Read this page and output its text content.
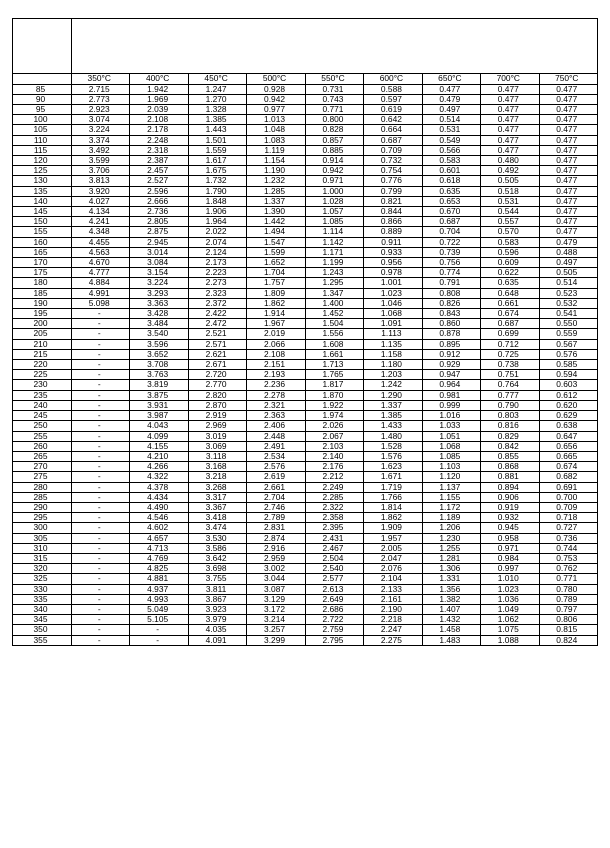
	350°C	400°C	450°C	500°C	550°C	600°C	650°C	700°C	750°C
85	2.715	1.942	1.247	0.928	0.731	0.588	0.477	0.477	0.477
90	2.773	1.969	1.270	0.942	0.743	0.597	0.479	0.477	0.477
95	2.923	2.039	1.328	0.977	0.771	0.619	0.497	0.477	0.477
100	3.074	2.108	1.385	1.013	0.800	0.642	0.514	0.477	0.477
105	3.224	2.178	1.443	1.048	0.828	0.664	0.531	0.477	0.477
110	3.374	2.248	1.501	1.083	0.857	0.687	0.549	0.477	0.477
115	3.492	2.318	1.559	1.119	0.885	0.709	0.566	0.477	0.477
120	3.599	2.387	1.617	1.154	0.914	0.732	0.583	0.480	0.477
125	3.706	2.457	1.675	1.190	0.942	0.754	0.601	0.492	0.477
130	3.813	2.527	1.732	1.232	0.971	0.776	0.618	0.505	0.477
135	3.920	2.596	1.790	1.285	1.000	0.799	0.635	0.518	0.477
140	4.027	2.666	1.848	1.337	1.028	0.821	0.653	0.531	0.477
145	4.134	2.736	1.906	1.390	1.057	0.844	0.670	0.544	0.477
150	4.241	2.805	1.964	1.442	1.085	0.866	0.687	0.557	0.477
155	4.348	2.875	2.022	1.494	1.114	0.889	0.704	0.570	0.477
160	4.455	2.945	2.074	1.547	1.142	0.911	0.722	0.583	0.479
165	4.563	3.014	2.124	1.599	1.171	0.933	0.739	0.596	0.488
170	4.670	3.084	2.173	1.652	1.199	0.956	0.756	0.609	0.497
175	4.777	3.154	2.223	1.704	1.243	0.978	0.774	0.622	0.505
180	4.884	3.224	2.273	1.757	1.295	1.001	0.791	0.635	0.514
185	4.991	3.293	2.323	1.809	1.347	1.023	0.808	0.648	0.523
190	5.098	3.363	2.372	1.862	1.400	1.046	0.826	0.661	0.532
195	-	3.428	2.422	1.914	1.452	1.068	0.843	0.674	0.541
200	-	3.484	2.472	1.967	1.504	1.091	0.860	0.687	0.550
205	-	3.540	2.521	2.019	1.556	1.113	0.878	0.699	0.559
210	-	3.596	2.571	2.066	1.608	1.135	0.895	0.712	0.567
215	-	3.652	2.621	2.108	1.661	1.158	0.912	0.725	0.576
220	-	3.708	2.671	2.151	1.713	1.180	0.929	0.738	0.585
225	-	3.763	2.720	2.193	1.765	1.203	0.947	0.751	0.594
230	-	3.819	2.770	2.236	1.817	1.242	0.964	0.764	0.603
235	-	3.875	2.820	2.278	1.870	1.290	0.981	0.777	0.612
240	-	3.931	2.870	2.321	1.922	1.337	0.999	0.790	0.620
245	-	3.987	2.919	2.363	1.974	1.385	1.016	0.803	0.629
250	-	4.043	2.969	2.406	2.026	1.433	1.033	0.816	0.638
255	-	4.099	3.019	2.448	2.067	1.480	1.051	0.829	0.647
260	-	4.155	3.069	2.491	2.103	1.528	1.068	0.842	0.656
265	-	4.210	3.118	2.534	2.140	1.576	1.085	0.855	0.665
270	-	4.266	3.168	2.576	2.176	1.623	1.103	0.868	0.674
275	-	4.322	3.218	2.619	2.212	1.671	1.120	0.881	0.682
280	-	4.378	3.268	2.661	2.249	1.719	1.137	0.894	0.691
285	-	4.434	3.317	2.704	2.285	1.766	1.155	0.906	0.700
290	-	4.490	3.367	2.746	2.322	1.814	1.172	0.919	0.709
295	-	4.546	3.418	2.789	2.358	1.862	1.189	0.932	0.718
300	-	4.602	3.474	2.831	2.395	1.909	1.206	0.945	0.727
305	-	4.657	3.530	2.874	2.431	1.957	1.230	0.958	0.736
310	-	4.713	3.586	2.916	2.467	2.005	1.255	0.971	0.744
315	-	4.769	3.642	2.959	2.504	2.047	1.281	0.984	0.753
320	-	4.825	3.698	3.002	2.540	2.076	1.306	0.997	0.762
325	-	4.881	3.755	3.044	2.577	2.104	1.331	1.010	0.771
330	-	4.937	3.811	3.087	2.613	2.133	1.356	1.023	0.780
335	-	4.993	3.867	3.129	2.649	2.161	1.382	1.036	0.789
340	-	5.049	3.923	3.172	2.686	2.190	1.407	1.049	0.797
345	-	5.105	3.979	3.214	2.722	2.218	1.432	1.062	0.806
350	-	-	4.035	3.257	2.759	2.247	1.458	1.075	0.815
355	-	-	4.091	3.299	2.795	2.275	1.483	1.088	0.824
